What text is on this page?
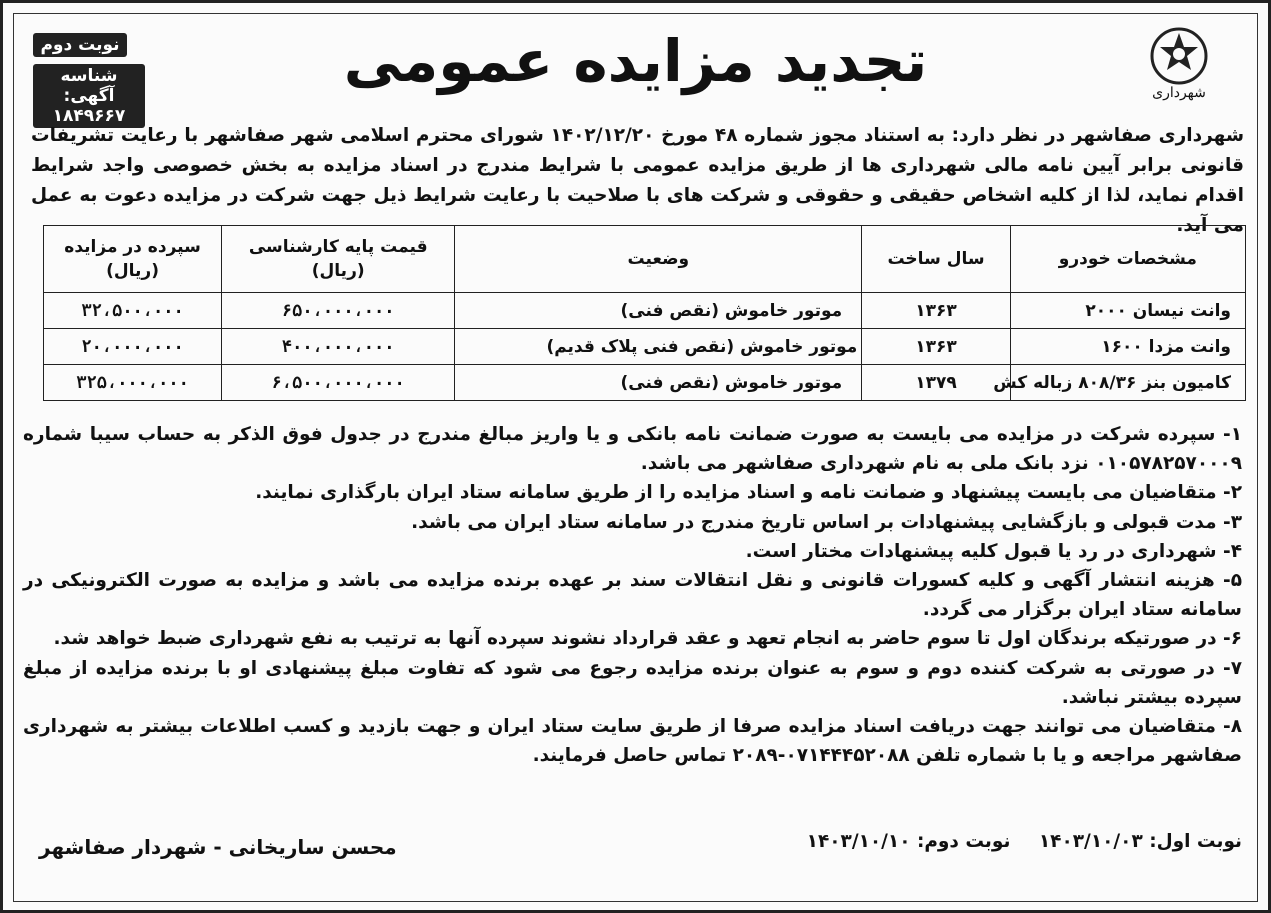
نوبت دوم
شناسه آگهی: ۱۸۴۹۶۶۷
تجدید مزایده عمومی	شهرداری
شهرداری صفاشهر در نظر دارد: به استناد مجوز شماره ۴۸ مورخ ۱۴۰۲/۱۲/۲۰ شورای محترم اسلامی شهر صفاشهر با رعایت تشریفات قانونی برابر آیین نامه مالی شهرداری ها از طریق مزایده عمومی با شرایط مندرج در اسناد مزایده به بخش خصوصی واجد شرایط اقدام نماید، لذا از کلیه اشخاص حقیقی و حقوقی و شرکت های با صلاحیت با رعایت شرایط ذیل جهت شرکت در مزایده دعوت به عمل می آید.
مشخصات خودرو	سال ساخت	وضعیت	قیمت پایه کارشناسی (ریال)	سپرده در مزایده (ریال)
وانت نیسان ۲۰۰۰	۱۳۶۳	موتور خاموش (نقص فنی)	۶۵۰،۰۰۰،۰۰۰	۳۲،۵۰۰،۰۰۰
وانت مزدا ۱۶۰۰	۱۳۶۳	موتور خاموش (نقص فنی پلاک قدیم)	۴۰۰،۰۰۰،۰۰۰	۲۰،۰۰۰،۰۰۰
کامیون بنز ۸۰۸/۳۶ زباله کش	۱۳۷۹	موتور خاموش (نقص فنی)	۶،۵۰۰،۰۰۰،۰۰۰	۳۲۵،۰۰۰،۰۰۰
۱- سپرده شرکت در مزایده می بایست به صورت ضمانت نامه بانکی و یا واریز مبالغ مندرج در جدول فوق الذکر به حساب سیبا شماره ۰۱۰۵۷۸۲۵۷۰۰۰۹ نزد بانک ملی به نام شهرداری صفاشهر می باشد.
۲- متقاضیان می بایست پیشنهاد و ضمانت نامه و اسناد مزایده را از طریق سامانه ستاد ایران بارگذاری نمایند.
۳- مدت قبولی و بازگشایی پیشنهادات بر اساس تاریخ مندرج در سامانه ستاد ایران می باشد.
۴- شهرداری در رد یا قبول کلیه پیشنهادات مختار است.
۵- هزینه انتشار آگهی و کلیه کسورات قانونی و نقل انتقالات سند بر عهده برنده مزایده می باشد و مزایده به صورت الکترونیکی در سامانه ستاد ایران برگزار می گردد.
۶- در صورتیکه برندگان اول تا سوم حاضر به انجام تعهد و عقد قرارداد نشوند سپرده آنها به ترتیب به نفع شهرداری ضبط خواهد شد.
۷- در صورتی به شرکت کننده دوم و سوم به عنوان برنده مزایده رجوع می شود که تفاوت مبلغ پیشنهادی او با برنده مزایده از مبلغ سپرده بیشتر نباشد.
۸- متقاضیان می توانند جهت دریافت اسناد مزایده صرفا از طریق سایت ستاد ایران و جهت بازدید و کسب اطلاعات بیشتر به شهرداری صفاشهر مراجعه و یا با شماره تلفن ۰۷۱۴۴۴۵۲۰۸۸-۲۰۸۹ تماس حاصل فرمایند.
نوبت اول: ۱۴۰۳/۱۰/۰۳ نوبت دوم: ۱۴۰۳/۱۰/۱۰
محسن ساریخانی - شهردار صفاشهر
